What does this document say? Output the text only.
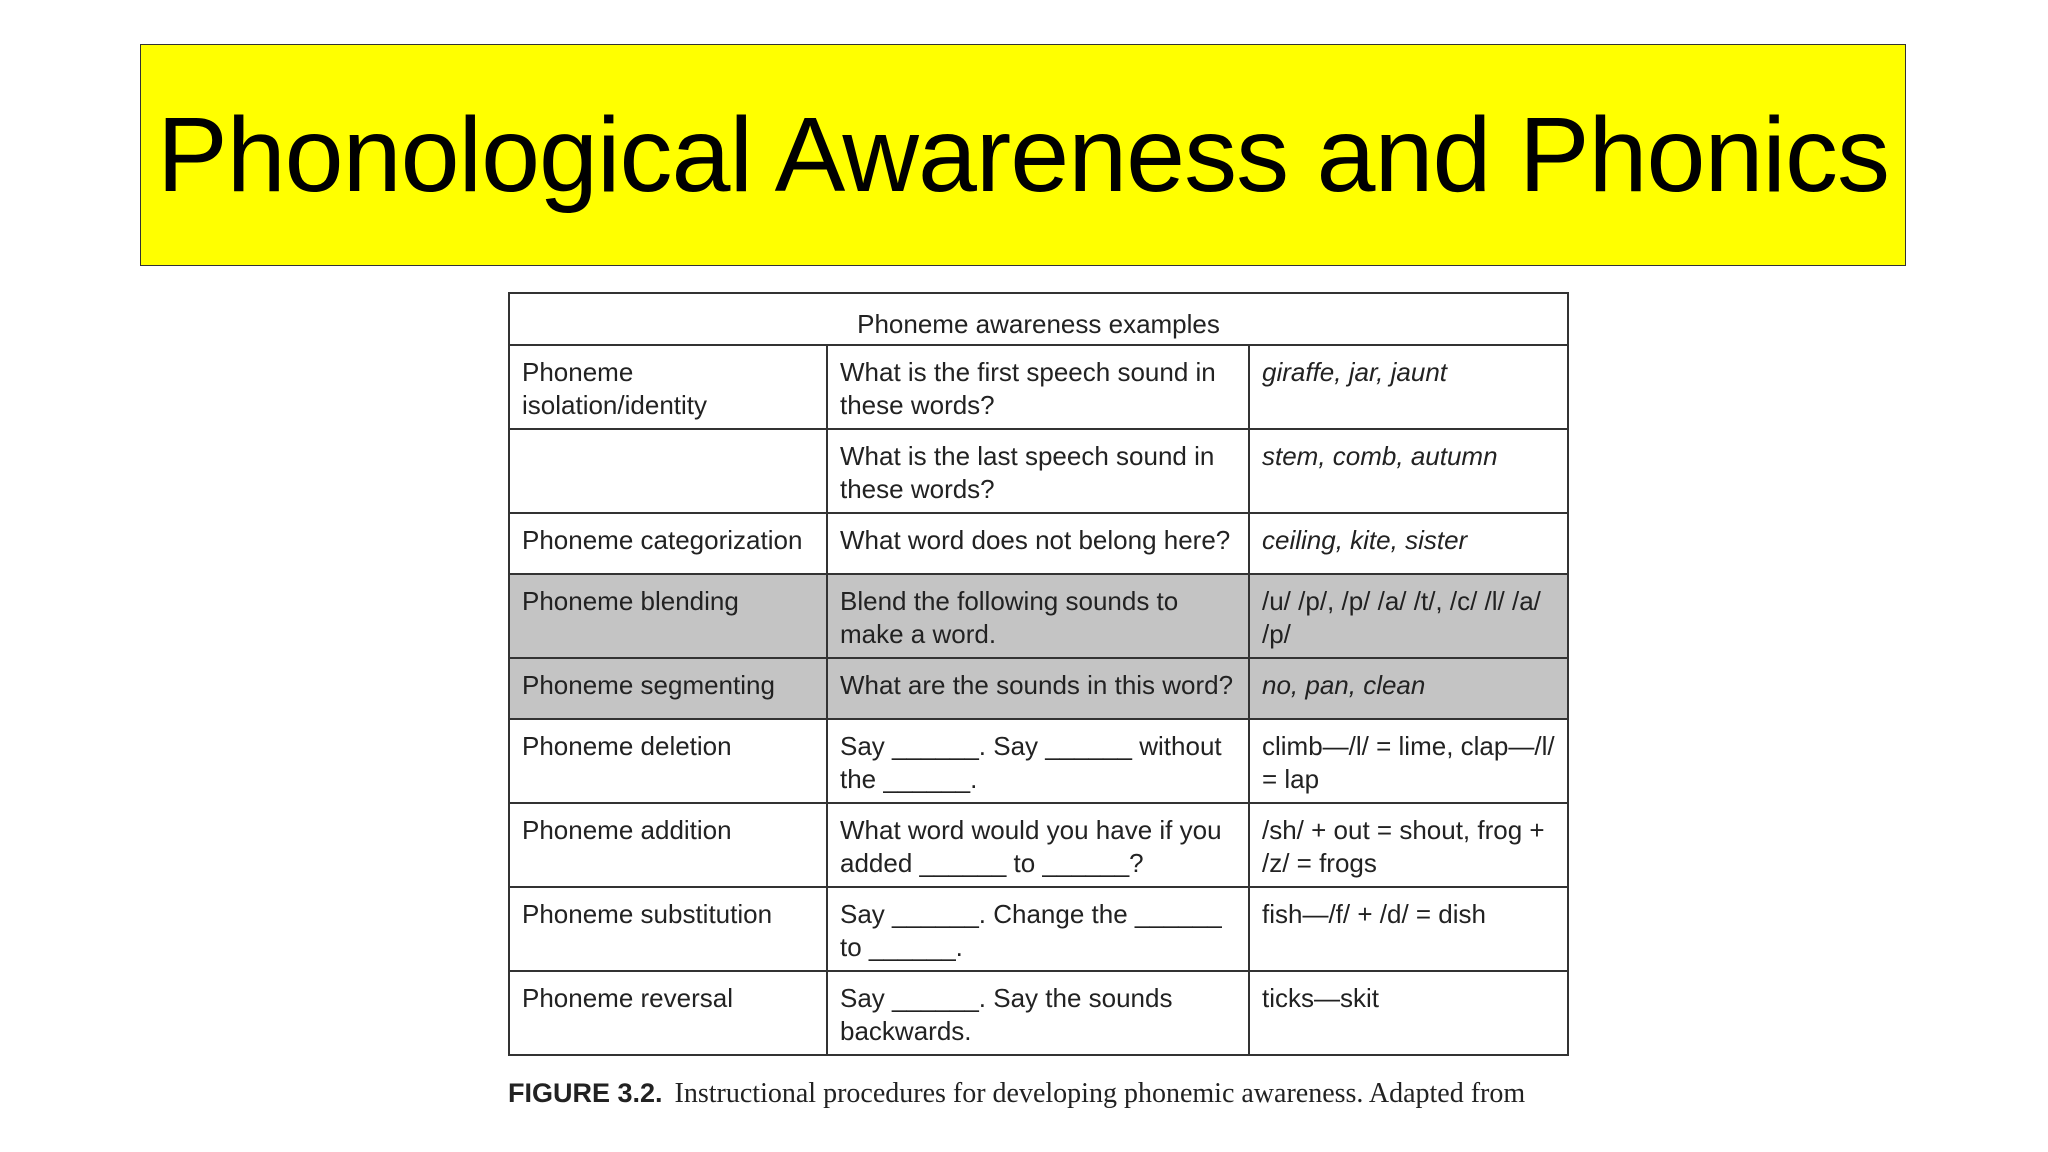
Phonological Awareness and Phonics
Phoneme awareness examples		
Phoneme isolation/identity	What is the first speech sound in these words?	giraffe, jar, jaunt
	What is the last speech sound in these words?	stem, comb, autumn
Phoneme categorization	What word does not belong here?	ceiling, kite, sister
Phoneme blending	Blend the following sounds to make a word.	/u/ /p/, /p/ /a/ /t/, /c/ /l/ /a/ /p/
Phoneme segmenting	What are the sounds in this word?	no, pan, clean
Phoneme deletion	Say ______. Say ______ without the ______.	climb—/l/ = lime, clap—/l/ = lap
Phoneme addition	What word would you have if you added ______ to ______?	/sh/ + out = shout, frog + /z/ = frogs
Phoneme substitution	Say ______. Change the ______ to ______.	fish—/f/ + /d/ = dish
Phoneme reversal	Say ______. Say the sounds backwards.	ticks—skit
FIGURE 3.2. Instructional procedures for developing phonemic awareness. Adapted from
